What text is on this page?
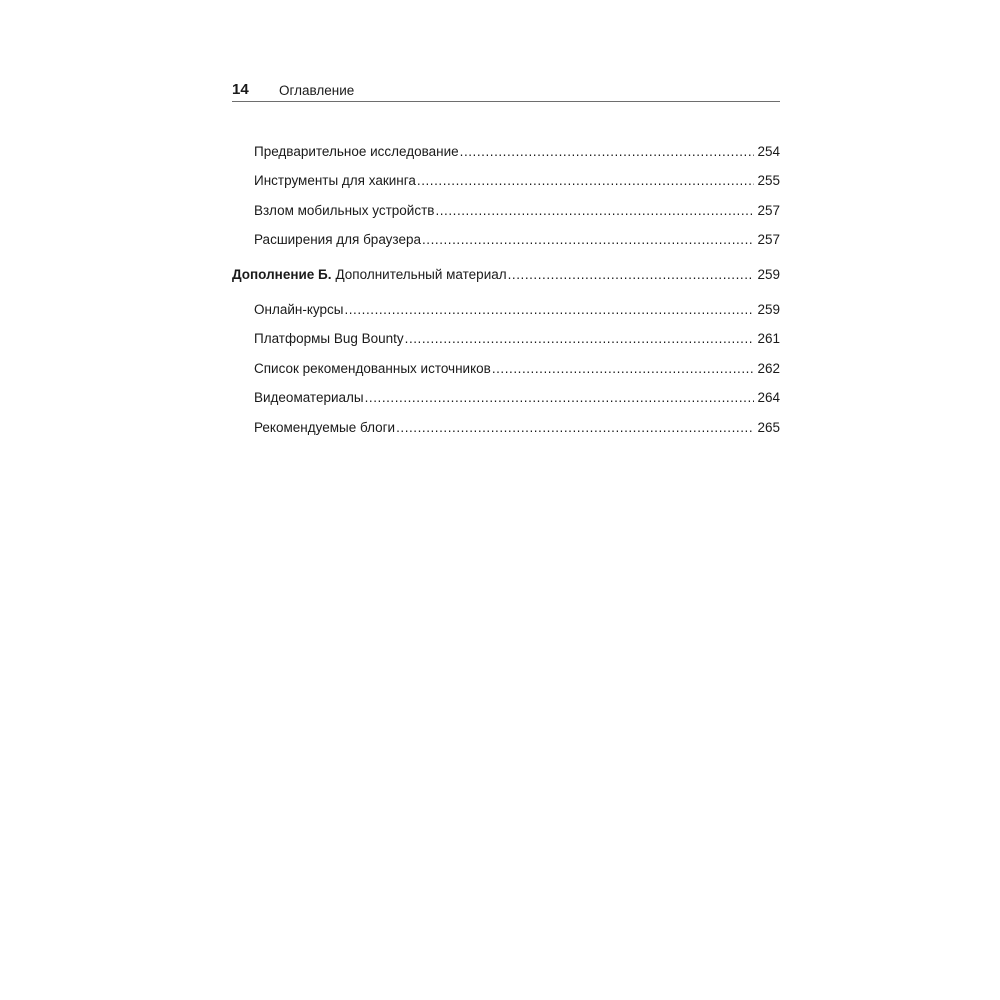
14 Оглавление
Предварительное исследование . . .	254
Инструменты для хакинга . . .	255
Взлом мобильных устройств . . .	257
Расширения для браузера . . .	257
Дополнение Б. Дополнительный материал . . .	259
Онлайн-курсы . . .	259
Платформы Bug Bounty . . .	261
Список рекомендованных источников . . .	262
Видеоматериалы . . .	264
Рекомендуемые блоги . . .	265
